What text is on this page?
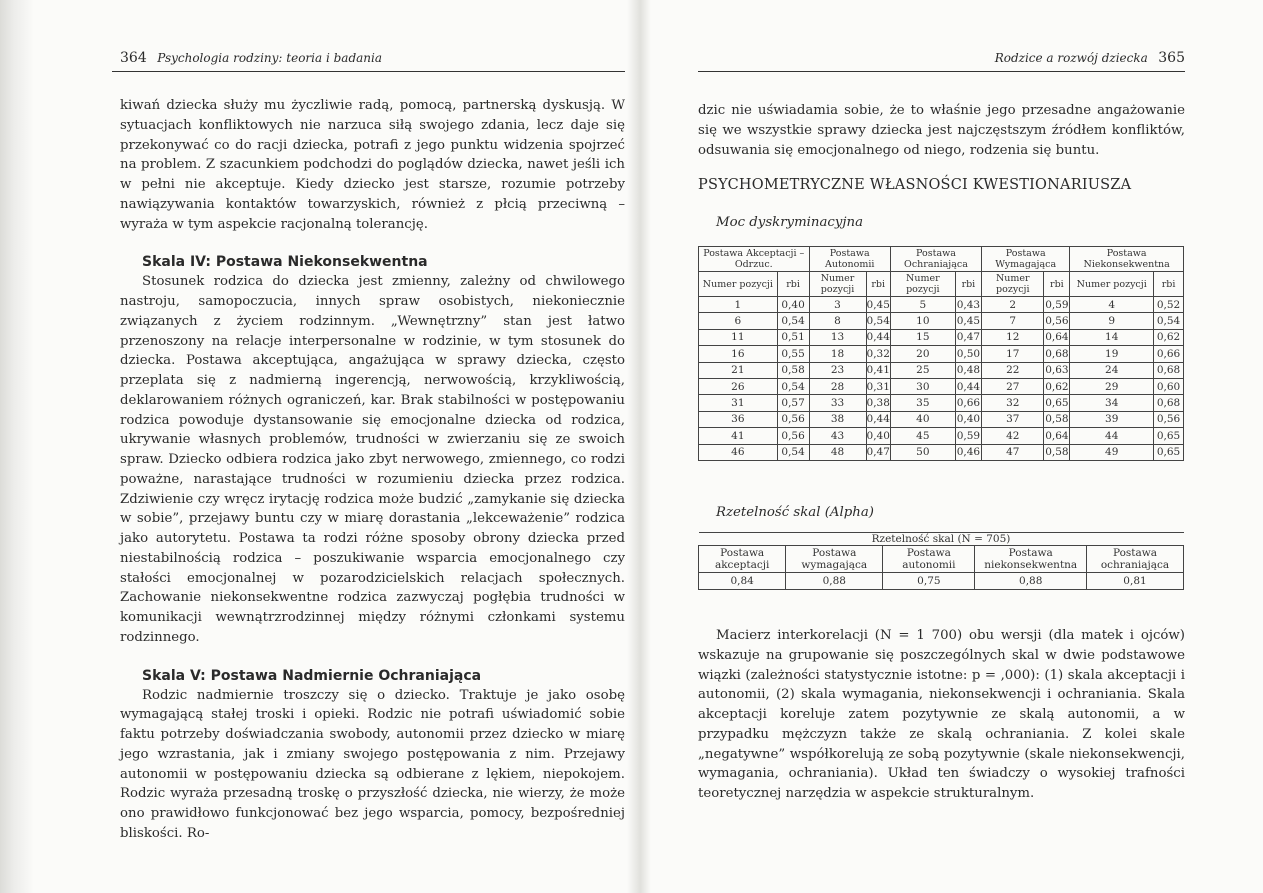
364 Psychologia rodziny: teoria i badania

kiwań dziecka służy mu życzliwie radą, pomocą, partnerską dyskusją. W sytuacjach konfliktowych nie narzuca siłą swojego zdania, lecz daje się przekonywać co do racji dziecka, potrafi z jego punktu widzenia spojrzeć na problem. Z szacunkiem podchodzi do poglądów dziecka, nawet jeśli ich w pełni nie akceptuje. Kiedy dziecko jest starsze, rozumie potrzeby nawiązywania kontaktów towarzyskich, również z płcią przeciwną – wyraża w tym aspekcie racjonalną tolerancję.

Skala IV: Postawa Niekonsekwentna

Stosunek rodzica do dziecka jest zmienny, zależny od chwilowego nastroju, samopoczucia, innych spraw osobistych, niekoniecznie związanych z życiem rodzinnym. „Wewnętrzny” stan jest łatwo przenoszony na relacje interpersonalne w rodzinie, w tym stosunek do dziecka. Postawa akceptująca, angażująca w sprawy dziecka, często przeplata się z nadmierną ingerencją, nerwowością, krzykliwością, deklarowaniem różnych ograniczeń, kar. Brak stabilności w postępowaniu rodzica powoduje dystansowanie się emocjonalne dziecka od rodzica, ukrywanie własnych problemów, trudności w zwierzaniu się ze swoich spraw. Dziecko odbiera rodzica jako zbyt nerwowego, zmiennego, co rodzi poważne, narastające trudności w rozumieniu dziecka przez rodzica. Zdziwienie czy wręcz irytację rodzica może budzić „zamykanie się dziecka w sobie”, przejawy buntu czy w miarę dorastania „lekceważenie” rodzica jako autorytetu. Postawa ta rodzi różne sposoby obrony dziecka przed niestabilnością rodzica – poszukiwanie wsparcia emocjonalnego czy stałości emocjonalnej w pozarodzicielskich relacjach społecznych. Zachowanie niekonsekwentne rodzica zazwyczaj pogłębia trudności w komunikacji wewnątrzrodzinnej między różnymi członkami systemu rodzinnego.

Skala V: Postawa Nadmiernie Ochraniająca

Rodzic nadmiernie troszczy się o dziecko. Traktuje je jako osobę wymagającą stałej troski i opieki. Rodzic nie potrafi uświadomić sobie faktu potrzeby doświadczania swobody, autonomii przez dziecko w miarę jego wzrastania, jak i zmiany swojego postępowania z nim. Przejawy autonomii w postępowaniu dziecka są odbierane z lękiem, niepokojem. Rodzic wyraża przesadną troskę o przyszłość dziecka, nie wierzy, że może ono prawidłowo funkcjonować bez jego wsparcia, pomocy, bezpośredniej bliskości. Ro-

Rodzice a rozwój dziecka 365

dzic nie uświadamia sobie, że to właśnie jego przesadne angażowanie się we wszystkie sprawy dziecka jest najczęstszym źródłem konfliktów, odsuwania się emocjonalnego od niego, rodzenia się buntu.

PSYCHOMETRYCZNE WŁASNOŚCI KWESTIONARIUSZA

Moc dyskryminacyjna

Postawa Akceptacji – Odrzuc.		Postawa Autonomii		Postawa Ochraniająca		Postawa Wymagająca		Postawa Niekonsekwentna	
Numer pozycji	rbi	Numer pozycji	rbi	Numer pozycji	rbi	Numer pozycji	rbi	Numer pozycji	rbi
1	0,40	3	0,45	5	0,43	2	0,59	4	0,52
6	0,54	8	0,54	10	0,45	7	0,56	9	0,54
11	0,51	13	0,44	15	0,47	12	0,64	14	0,62
16	0,55	18	0,32	20	0,50	17	0,68	19	0,66
21	0,58	23	0,41	25	0,48	22	0,63	24	0,68
26	0,54	28	0,31	30	0,44	27	0,62	29	0,60
31	0,57	33	0,38	35	0,66	32	0,65	34	0,68
36	0,56	38	0,44	40	0,40	37	0,58	39	0,56
41	0,56	43	0,40	45	0,59	42	0,64	44	0,65
46	0,54	48	0,47	50	0,46	47	0,58	49	0,65

Rzetelność skal (Alpha)

Rzetelność skal (N = 705)				
Postawa akceptacji	Postawa wymagająca	Postawa autonomii	Postawa niekonsekwentna	Postawa ochraniająca
0,84	0,88	0,75	0,88	0,81

Macierz interkorelacji (N = 1 700) obu wersji (dla matek i ojców) wskazuje na grupowanie się poszczególnych skal w dwie podstawowe wiązki (zależności statystycznie istotne: p = ,000): (1) skala akceptacji i autonomii, (2) skala wymagania, niekonsekwencji i ochraniania. Skala akceptacji koreluje zatem pozytywnie ze skalą autonomii, a w przypadku mężczyzn także ze skalą ochraniania. Z kolei skale „negatywne” współkorelują ze sobą pozytywnie (skale niekonsekwencji, wymagania, ochraniania). Układ ten świadczy o wysokiej trafności teoretycznej narzędzia w aspekcie strukturalnym.
